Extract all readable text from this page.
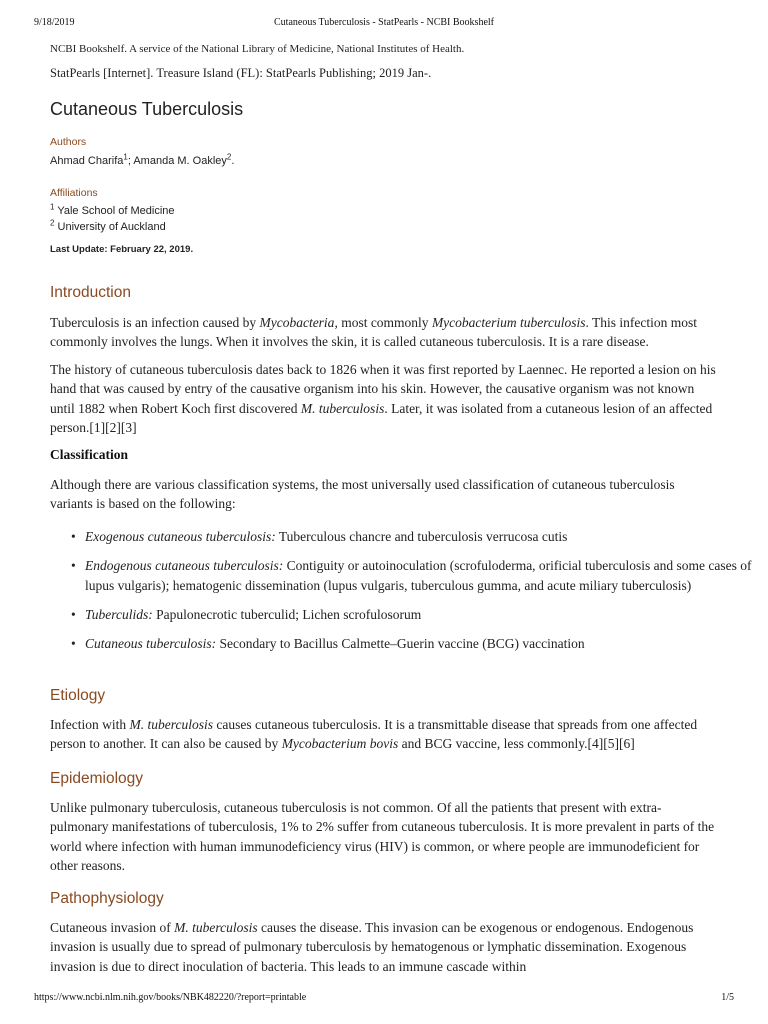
9/18/2019	Cutaneous Tuberculosis - StatPearls - NCBI Bookshelf

NCBI Bookshelf. A service of the National Library of Medicine, National Institutes of Health.

StatPearls [Internet]. Treasure Island (FL): StatPearls Publishing; 2019 Jan-.

Cutaneous Tuberculosis
Authors
Ahmad Charifa$^1$; Amanda M. Oakley$^2$.
Affiliations
$^1$ Yale School of Medicine
$^2$ University of Auckland
Last Update: February 22, 2019.
Introduction

Tuberculosis is an infection caused by Mycobacteria, most commonly Mycobacterium tuberculosis. This infection most commonly involves the lungs. When it involves the skin, it is called cutaneous tuberculosis. It is a rare disease.

The history of cutaneous tuberculosis dates back to 1826 when it was first reported by Laennec. He reported a lesion on his hand that was caused by entry of the causative organism into his skin. However, the causative organism was not known until 1882 when Robert Koch first discovered M. tuberculosis. Later, it was isolated from a cutaneous lesion of an affected person.[1][2][3]

Classification

Although there are various classification systems, the most universally used classification of cutaneous tuberculosis variants is based on the following:

• Exogenous cutaneous tuberculosis: Tuberculous chancre and tuberculosis verrucosa cutis
• Endogenous cutaneous tuberculosis: Contiguity or autoinoculation (scrofuloderma, orificial tuberculosis and some cases of lupus vulgaris); hematogenic dissemination (lupus vulgaris, tuberculous gumma, and acute miliary tuberculosis)
• Tuberculids: Papulonecrotic tuberculid; Lichen scrofulosorum
• Cutaneous tuberculosis: Secondary to Bacillus Calmette–Guerin vaccine (BCG) vaccination
Etiology

Infection with M. tuberculosis causes cutaneous tuberculosis. It is a transmittable disease that spreads from one affected person to another. It can also be caused by Mycobacterium bovis and BCG vaccine, less commonly.[4][5][6]

Epidemiology

Unlike pulmonary tuberculosis, cutaneous tuberculosis is not common. Of all the patients that present with extra-pulmonary manifestations of tuberculosis, 1% to 2% suffer from cutaneous tuberculosis. It is more prevalent in parts of the world where infection with human immunodeficiency virus (HIV) is common, or where people are immunodeficient for other reasons.

Pathophysiology

Cutaneous invasion of M. tuberculosis causes the disease. This invasion can be exogenous or endogenous. Endogenous invasion is usually due to spread of pulmonary tuberculosis by hematogenous or lymphatic dissemination. Exogenous invasion is due to direct inoculation of bacteria. This leads to an immune cascade within

https://www.ncbi.nlm.nih.gov/books/NBK482220/?report=printable	1/5
